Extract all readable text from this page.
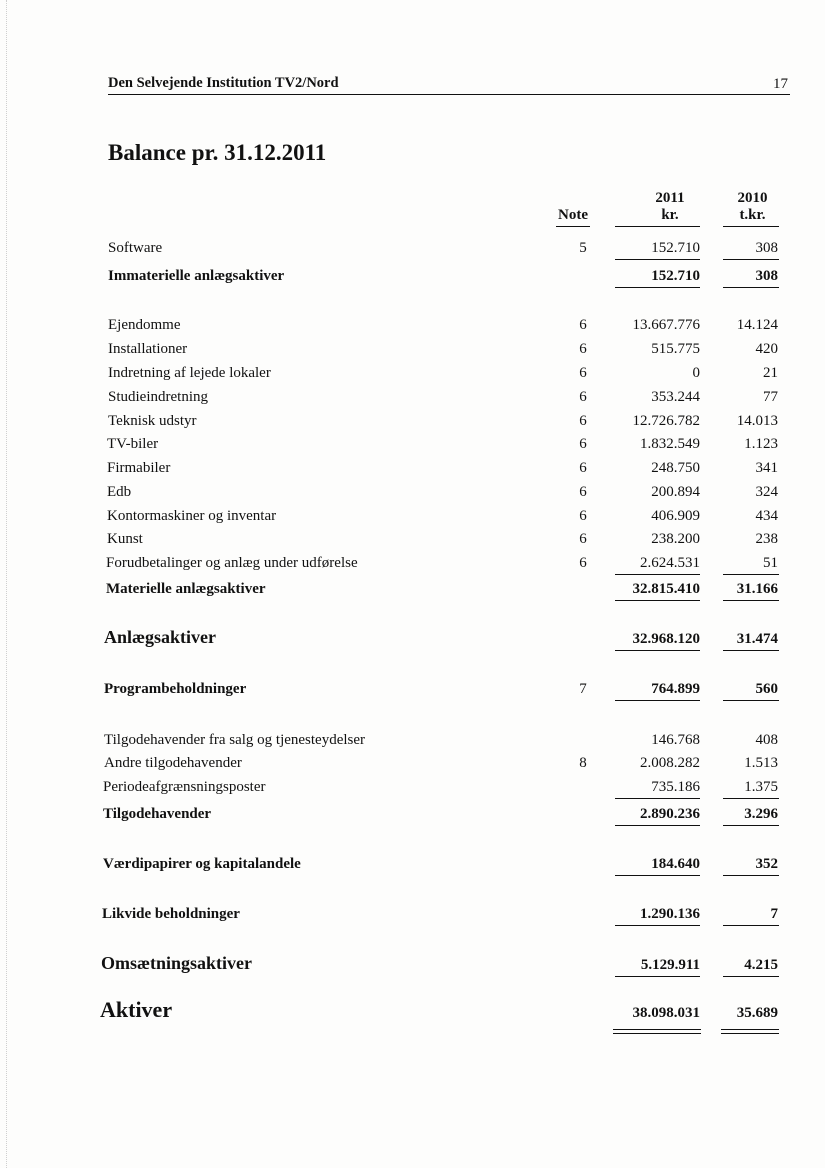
Den Selvejende Institution TV2/Nord	17
Balance pr. 31.12.2011
2011	2010
Note	kr.	t.kr.
Software	5	152.710	308
Immaterielle anlægsaktiver	152.710	308
Ejendomme	6	13.667.776	14.124
Installationer	6	515.775	420
Indretning af lejede lokaler	6	0	21
Studieindretning	6	353.244	77
Teknisk udstyr	6	12.726.782	14.013
TV-biler	6	1.832.549	1.123
Firmabiler	6	248.750	341
Edb	6	200.894	324
Kontormaskiner og inventar	6	406.909	434
Kunst	6	238.200	238
Forudbetalinger og anlæg under udførelse	6	2.624.531	51
Materielle anlægsaktiver	32.815.410	31.166
Anlægsaktiver	32.968.120	31.474
Programbeholdninger	7	764.899	560
Tilgodehavender fra salg og tjenesteydelser	146.768	408
Andre tilgodehavender	8	2.008.282	1.513
Periodeafgrænsningsposter	735.186	1.375
Tilgodehavender	2.890.236	3.296
Værdipapirer og kapitalandele	184.640	352
Likvide beholdninger	1.290.136	7
Omsætningsaktiver	5.129.911	4.215
Aktiver	38.098.031	35.689
